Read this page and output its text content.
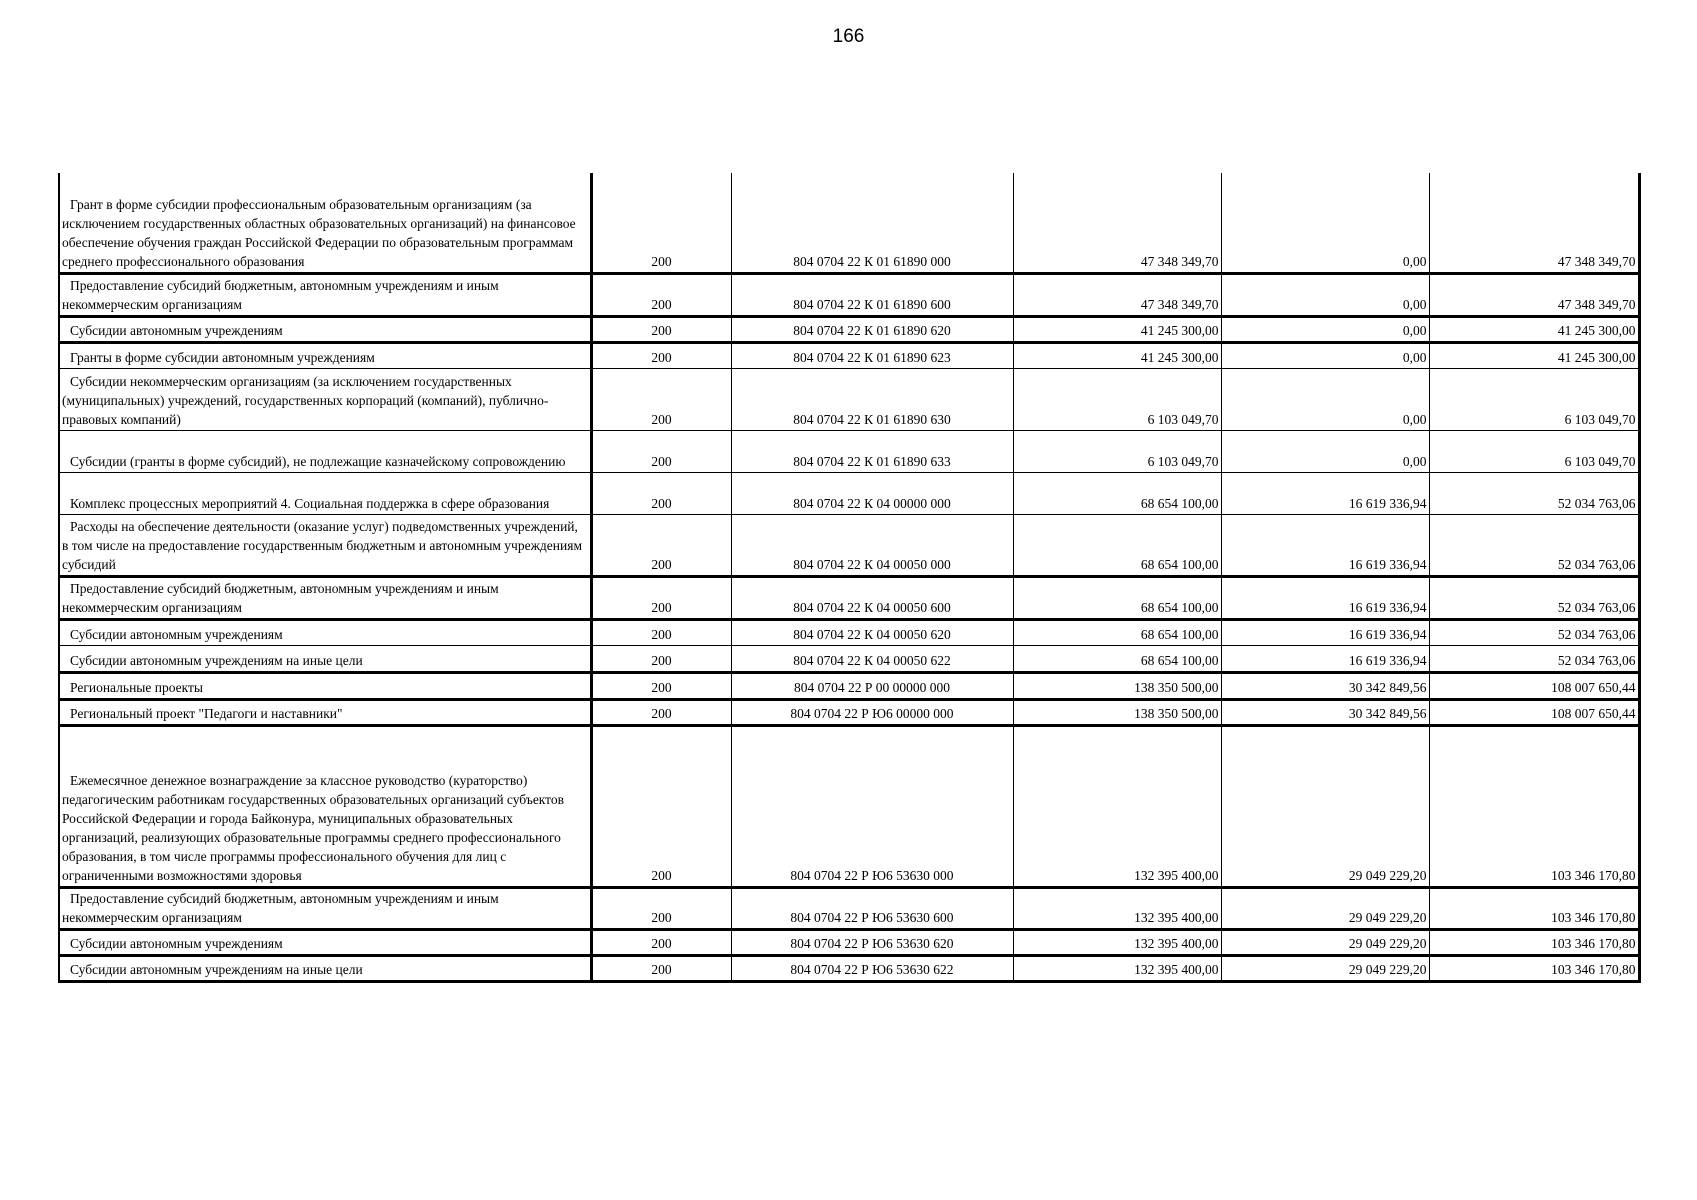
166
Грант в форме субсидии профессиональным образовательным организациям (за исключением государственных областных образовательных организаций) на финансовое обеспечение обучения граждан Российской Федерации по образовательным программам среднего профессионального образования	200	804 0704 22 К 01 61890 000	47 348 349,70	0,00	47 348 349,70
Предоставление субсидий бюджетным, автономным учреждениям и иным некоммерческим организациям	200	804 0704 22 К 01 61890 600	47 348 349,70	0,00	47 348 349,70
Субсидии автономным учреждениям	200	804 0704 22 К 01 61890 620	41 245 300,00	0,00	41 245 300,00
Гранты в форме субсидии автономным учреждениям	200	804 0704 22 К 01 61890 623	41 245 300,00	0,00	41 245 300,00
Субсидии некоммерческим организациям (за исключением государственных (муниципальных) учреждений, государственных корпораций (компаний), публично-правовых компаний)	200	804 0704 22 К 01 61890 630	6 103 049,70	0,00	6 103 049,70
Субсидии (гранты в форме субсидий), не подлежащие казначейскому сопровождению	200	804 0704 22 К 01 61890 633	6 103 049,70	0,00	6 103 049,70
Комплекс процессных мероприятий 4. Социальная поддержка в сфере образования	200	804 0704 22 К 04 00000 000	68 654 100,00	16 619 336,94	52 034 763,06
Расходы на обеспечение деятельности (оказание услуг) подведомственных учреждений, в том числе на предоставление государственным бюджетным и автономным учреждениям субсидий	200	804 0704 22 К 04 00050 000	68 654 100,00	16 619 336,94	52 034 763,06
Предоставление субсидий бюджетным, автономным учреждениям и иным некоммерческим организациям	200	804 0704 22 К 04 00050 600	68 654 100,00	16 619 336,94	52 034 763,06
Субсидии автономным учреждениям	200	804 0704 22 К 04 00050 620	68 654 100,00	16 619 336,94	52 034 763,06
Субсидии автономным учреждениям на иные цели	200	804 0704 22 К 04 00050 622	68 654 100,00	16 619 336,94	52 034 763,06
Региональные проекты	200	804 0704 22 Р 00 00000 000	138 350 500,00	30 342 849,56	108 007 650,44
Региональный проект "Педагоги и наставники"	200	804 0704 22 Р Ю6 00000 000	138 350 500,00	30 342 849,56	108 007 650,44
Ежемесячное денежное вознаграждение за классное руководство (кураторство) педагогическим работникам государственных образовательных организаций субъектов Российской Федерации и города Байконура, муниципальных образовательных организаций, реализующих образовательные программы среднего профессионального образования, в том числе программы профессионального обучения для лиц с ограниченными возможностями здоровья	200	804 0704 22 Р Ю6 53630 000	132 395 400,00	29 049 229,20	103 346 170,80
Предоставление субсидий бюджетным, автономным учреждениям и иным некоммерческим организациям	200	804 0704 22 Р Ю6 53630 600	132 395 400,00	29 049 229,20	103 346 170,80
Субсидии автономным учреждениям	200	804 0704 22 Р Ю6 53630 620	132 395 400,00	29 049 229,20	103 346 170,80
Субсидии автономным учреждениям на иные цели	200	804 0704 22 Р Ю6 53630 622	132 395 400,00	29 049 229,20	103 346 170,80
